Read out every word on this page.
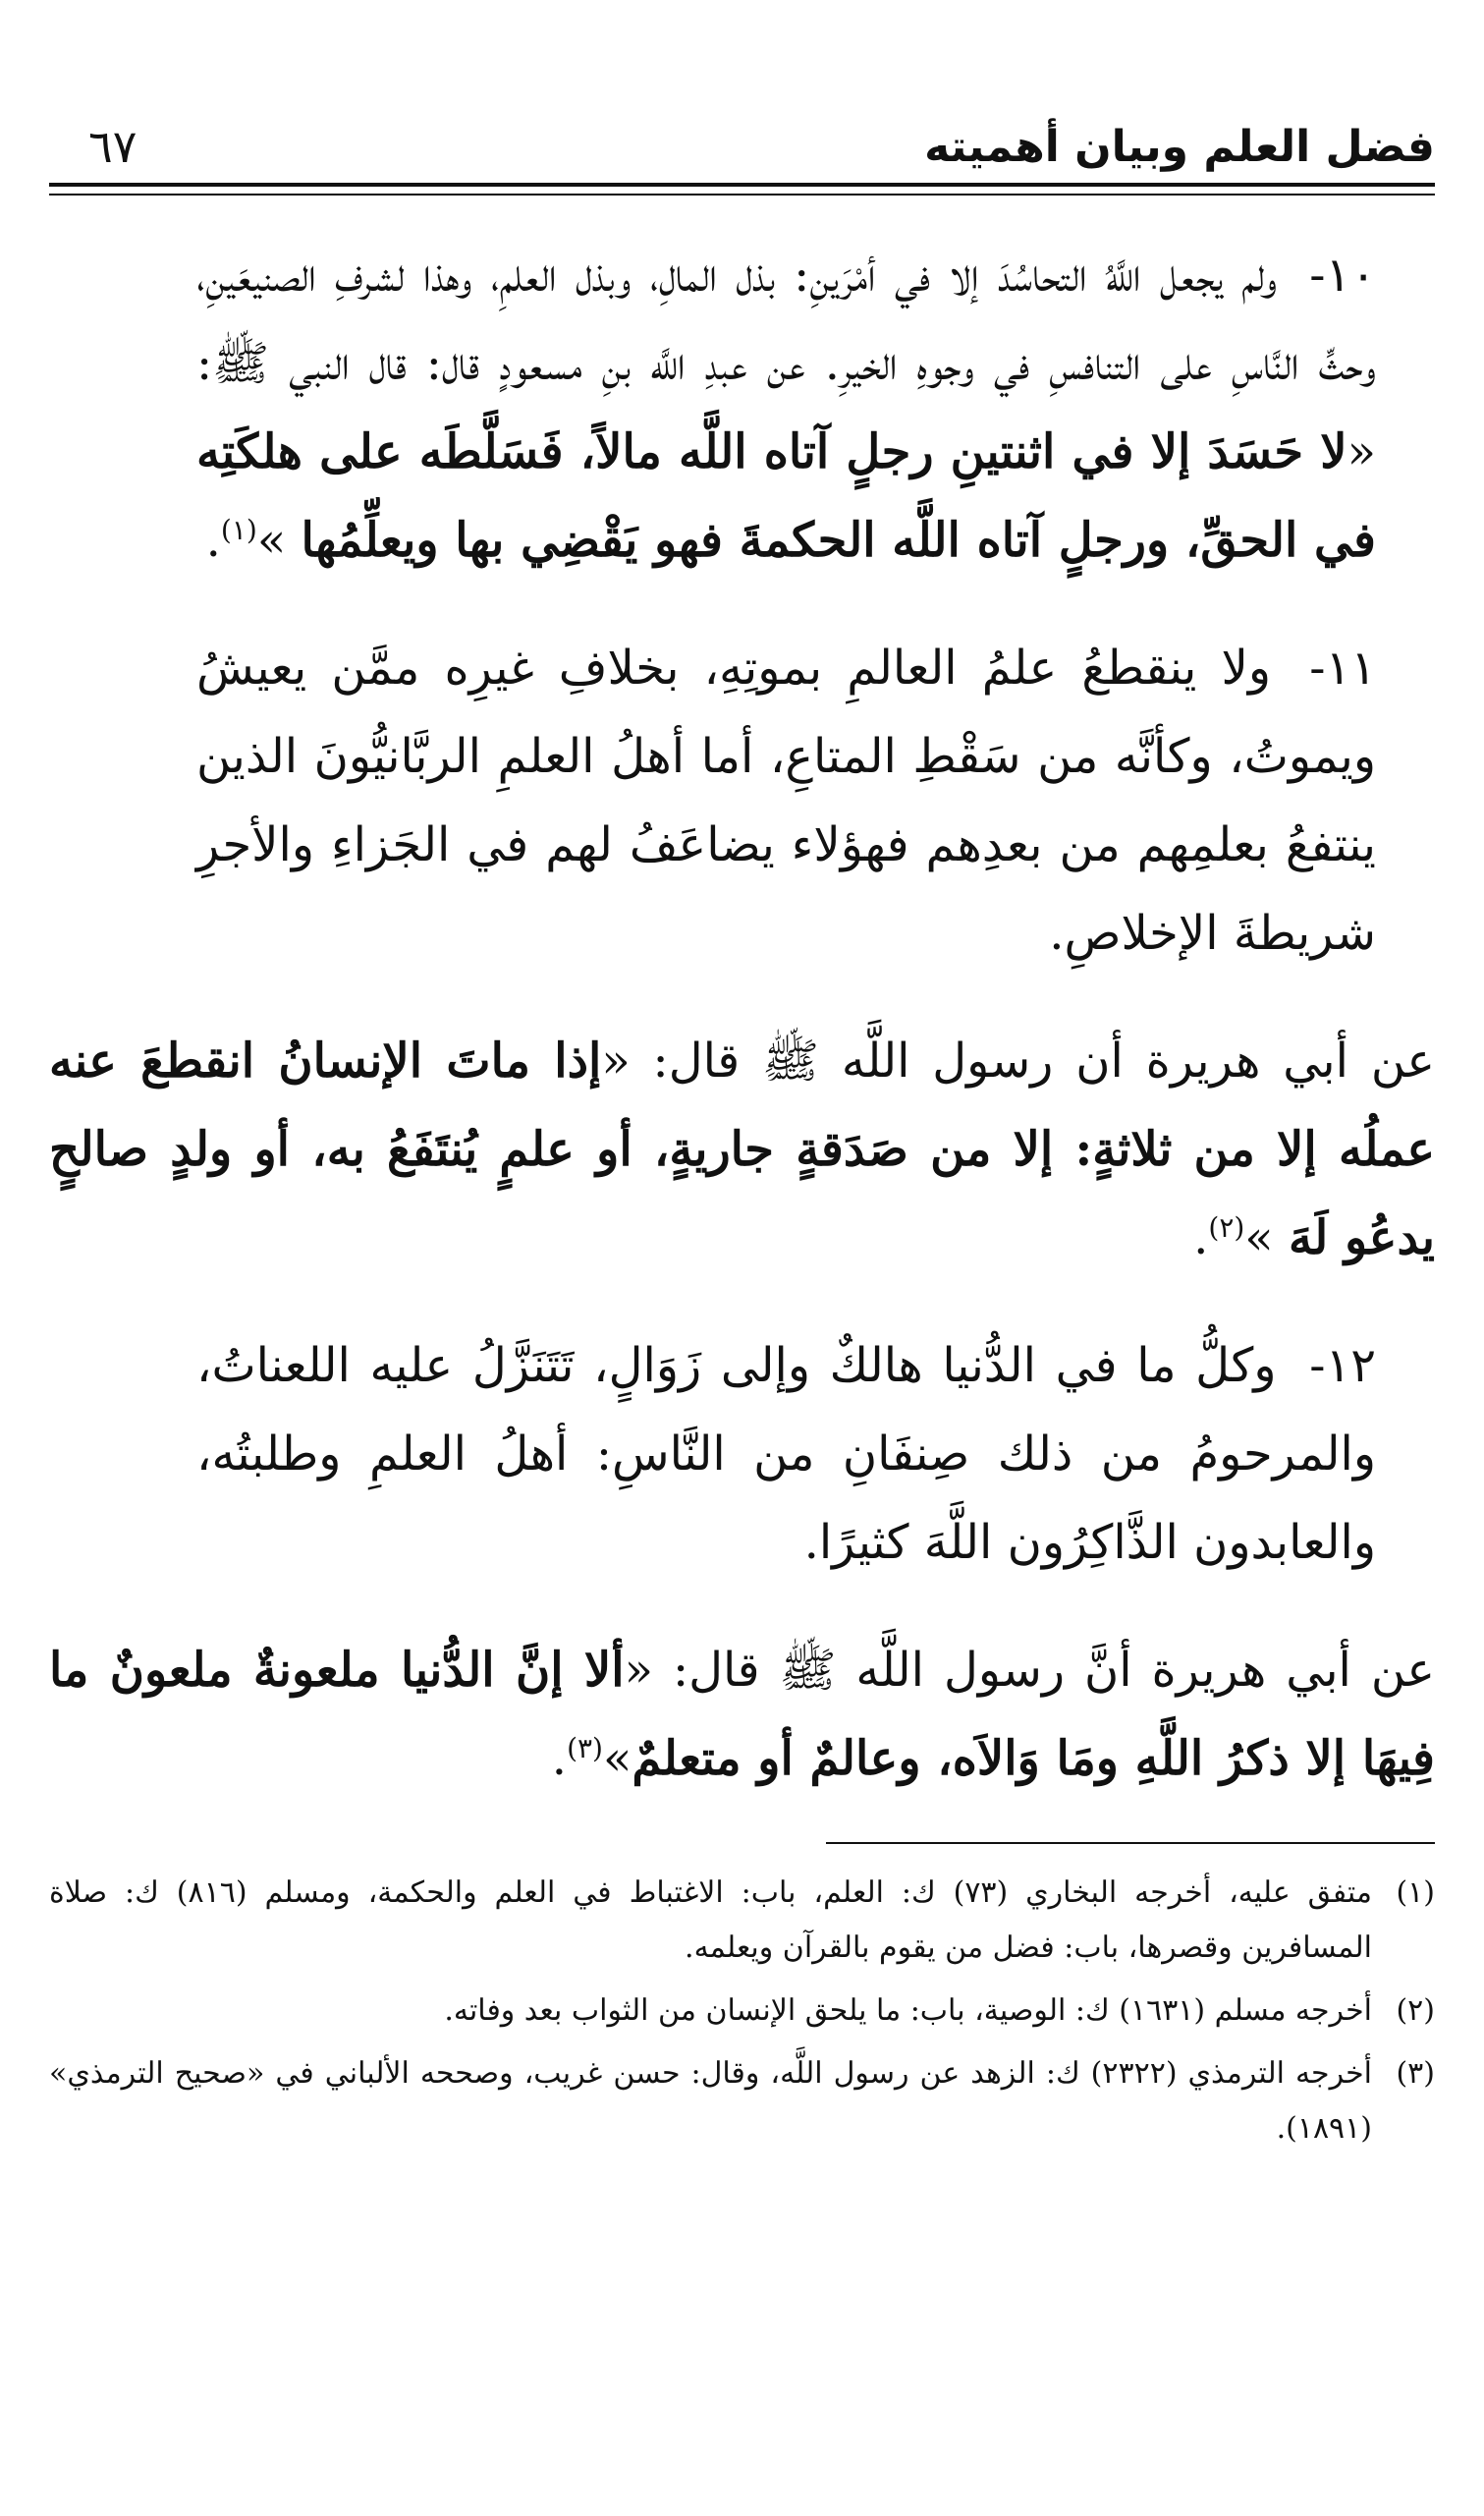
فضل العلم وبيان أهميته
٦٧
١٠- ولم يجعل اللَّهُ التحاسُدَ إلا في أمْرَينِ: بذل المالِ، وبذل العلمِ، وهذا لشرفِ الصنيعَينِ، وحثِّ النَّاسِ على التنافسِ في وجوهِ الخيرِ. عن عبدِ اللَّه بنِ مسعودٍ قال: قال النبي ﷺ: «لا حَسَدَ إلا في اثنتينِ رجلٍ آتاه اللَّه مالاً، فَسَلَّطَه على هلكَتِه في الحقِّ، ورجلٍ آتاه اللَّه الحكمةَ فهو يَقْضِي بها ويعلِّمُها »$^{(١)}$.
١١- ولا ينقطعُ علمُ العالمِ بموتِهِ، بخلافِ غيرِه ممَّن يعيشُ ويموتُ، وكأنَّه من سَقْطِ المتاعِ، أما أهلُ العلمِ الربَّانيُّونَ الذين ينتفعُ بعلمِهم من بعدِهم فهؤلاء يضاعَفُ لهم في الجَزاءِ والأجرِ شريطةَ الإخلاصِ.

عن أبي هريرة أن رسول اللَّه ﷺ قال: «إذا ماتَ الإنسانُ انقطعَ عنه عملُه إلا من ثلاثةٍ: إلا من صَدَقةٍ جاريةٍ، أو علمٍ يُنتَفَعُ به، أو ولدٍ صالحٍ يدعُو لَهَ »$^{(٢)}$.

١٢- وكلُّ ما في الدُّنيا هالكٌ وإلى زَوَالٍ، تَتَنَزَّلُ عليه اللعناتُ، والمرحومُ من ذلك صِنفَانِ من النَّاسِ: أهلُ العلمِ وطلبتُه، والعابدون الذَّاكِرُون اللَّهَ كثيرًا.

عن أبي هريرة أنَّ رسول اللَّه ﷺ قال: «ألا إنَّ الدُّنيا ملعونةٌ ملعونٌ ما فِيهَا إلا ذكرُ اللَّهِ ومَا وَالاَه، وعالمٌ أو متعلمٌ»$^{(٣)}$.

(١)
متفق عليه، أخرجه البخاري (٧٣) ك: العلم، باب: الاغتباط في العلم والحكمة، ومسلم (٨١٦) ك: صلاة المسافرين وقصرها، باب: فضل من يقوم بالقرآن ويعلمه.
(٢)
أخرجه مسلم (١٦٣١) ك: الوصية، باب: ما يلحق الإنسان من الثواب بعد وفاته.
(٣)
أخرجه الترمذي (٢٣٢٢) ك: الزهد عن رسول اللَّه، وقال: حسن غريب، وصححه الألباني في «صحيح الترمذي» (١٨٩١).
